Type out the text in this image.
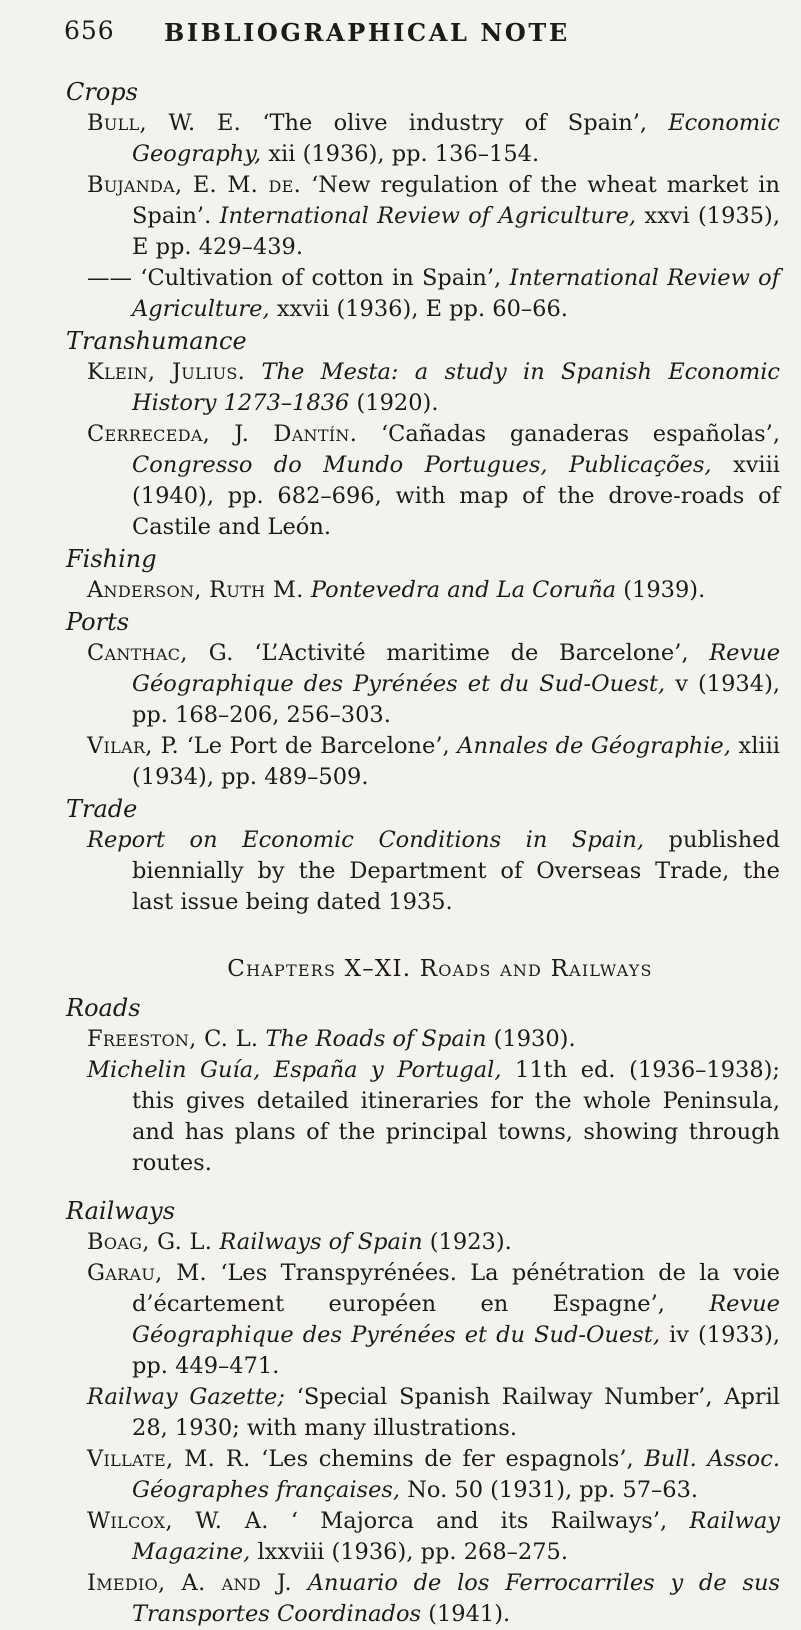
656 BIBLIOGRAPHICAL NOTE
Crops

Bull, W. E. ‘The olive industry of Spain’, Economic Geography, xii (1936), pp. 136–154.

Bujanda, E. M. de. ‘New regulation of the wheat market in Spain’. International Review of Agriculture, xxvi (1935), E pp. 429–439.

—— ‘Cultivation of cotton in Spain’, International Review of Agriculture, xxvii (1936), E pp. 60–66.

Transhumance

Klein, Julius. The Mesta: a study in Spanish Economic History 1273–1836 (1920).

Cerreceda, J. Dantín. ‘Cañadas ganaderas españolas’, Congresso do Mundo Portugues, Publicações, xviii (1940), pp. 682–696, with map of the drove-roads of Castile and León.

Fishing

Anderson, Ruth M. Pontevedra and La Coruña (1939).

Ports

Canthac, G. ‘L’Activité maritime de Barcelone’, Revue Géographique des Pyrénées et du Sud-Ouest, v (1934), pp. 168–206, 256–303.

Vilar, P. ‘Le Port de Barcelone’, Annales de Géographie, xliii (1934), pp. 489–509.

Trade

Report on Economic Conditions in Spain, published biennially by the Department of Overseas Trade, the last issue being dated 1935.

Chapters X–XI. Roads and Railways
Roads

Freeston, C. L. The Roads of Spain (1930).

Michelin Guía, España y Portugal, 11th ed. (1936–1938); this gives detailed itineraries for the whole Peninsula, and has plans of the principal towns, showing through routes.

Railways

Boag, G. L. Railways of Spain (1923).

Garau, M. ‘Les Transpyrénées. La pénétration de la voie d’écartement européen en Espagne’, Revue Géographique des Pyrénées et du Sud-Ouest, iv (1933), pp. 449–471.

Railway Gazette; ‘Special Spanish Railway Number’, April 28, 1930; with many illustrations.

Villate, M. R. ‘Les chemins de fer espagnols’, Bull. Assoc. Géographes françaises, No. 50 (1931), pp. 57–63.

Wilcox, W. A. ‘ Majorca and its Railways’, Railway Magazine, lxxviii (1936), pp. 268–275.

Imedio, A. and J. Anuario de los Ferrocarriles y de sus Transportes Coordinados (1941).
